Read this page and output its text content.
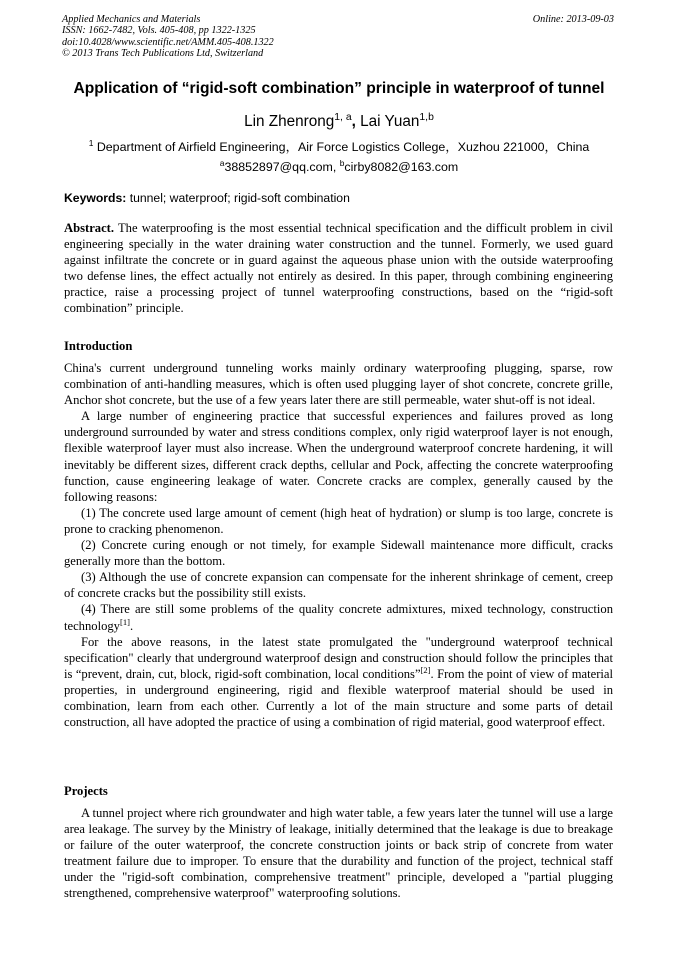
Applied Mechanics and Materials
ISSN: 1662-7482, Vols. 405-408, pp 1322-1325
doi:10.4028/www.scientific.net/AMM.405-408.1322
© 2013 Trans Tech Publications Ltd, Switzerland
Online: 2013-09-03
Application of “rigid-soft combination” principle in waterproof of tunnel
Lin Zhenrong$^{1, a}$, Lai Yuan$^{1,b}$
$^1$ Department of Airfield Engineering，Air Force Logistics College，Xuzhou 221000，China
$^a$38852897@qq.com, $^b$cirby8082@163.com
Keywords: tunnel; waterproof; rigid-soft combination

Abstract. The waterproofing is the most essential technical specification and the difficult problem in civil engineering specially in the water draining water construction and the tunnel. Formerly, we used guard against infiltrate the concrete or in guard against the aqueous phase union with the outside waterproofing two defense lines, the effect actually not entirely as desired. In this paper, through combining engineering practice, raise a processing project of tunnel waterproofing constructions, based on the “rigid-soft combination” principle.

Introduction

China's current underground tunneling works mainly ordinary waterproofing plugging, sparse, row combination of anti-handling measures, which is often used plugging layer of shot concrete, concrete grille, Anchor shot concrete, but the use of a few years later there are still permeable, water shut-off is not ideal.

A large number of engineering practice that successful experiences and failures proved as long underground surrounded by water and stress conditions complex, only rigid waterproof layer is not enough, flexible waterproof layer must also increase. When the underground waterproof concrete hardening, it will inevitably be different sizes, different crack depths, cellular and Pock, affecting the concrete waterproofing function, cause engineering leakage of water. Concrete cracks are complex, generally caused by the following reasons:

(1) The concrete used large amount of cement (high heat of hydration) or slump is too large, concrete is prone to cracking phenomenon.

(2) Concrete curing enough or not timely, for example Sidewall maintenance more difficult, cracks generally more than the bottom.

(3) Although the use of concrete expansion can compensate for the inherent shrinkage of cement, creep of concrete cracks but the possibility still exists.

(4) There are still some problems of the quality concrete admixtures, mixed technology, construction technology[1].

For the above reasons, in the latest state promulgated the "underground waterproof technical specification" clearly that underground waterproof design and construction should follow the principles that is “prevent, drain, cut, block, rigid-soft combination, local conditions”[2]. From the point of view of material properties, in underground engineering, rigid and flexible waterproof material should be used in combination, learn from each other. Currently a lot of the main structure and some parts of detail construction, all have adopted the practice of using a combination of rigid material, good waterproof effect.

Projects

A tunnel project where rich groundwater and high water table, a few years later the tunnel will use a large area leakage. The survey by the Ministry of leakage, initially determined that the leakage is due to breakage or failure of the outer waterproof, the concrete construction joints or back strip of concrete from water treatment failure due to improper. To ensure that the durability and function of the project, technical staff under the "rigid-soft combination, comprehensive treatment" principle, developed a "partial plugging strengthened, comprehensive waterproof" waterproofing solutions.
